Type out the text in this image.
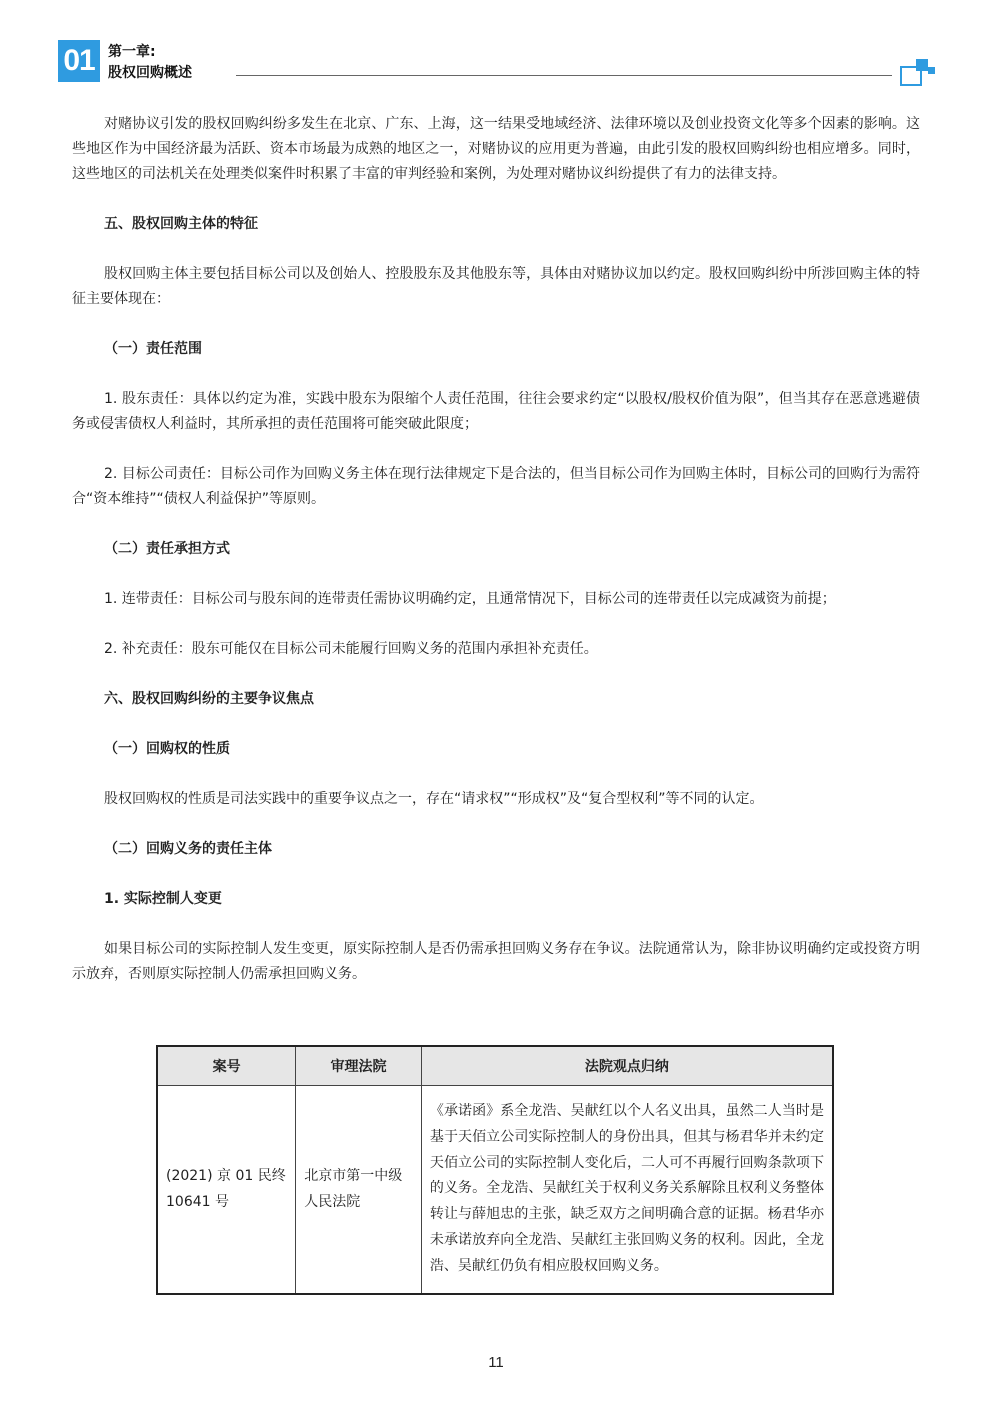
01 第一章:
股权回购概述
对赌协议引发的股权回购纠纷多发生在北京、广东、上海，这一结果受地域经济、法律环境以及创业投资文化等多个因素的影响。这些地区作为中国经济最为活跃、资本市场最为成熟的地区之一，对赌协议的应用更为普遍，由此引发的股权回购纠纷也相应增多。同时，这些地区的司法机关在处理类似案件时积累了丰富的审判经验和案例，为处理对赌协议纠纷提供了有力的法律支持。
五、股权回购主体的特征
股权回购主体主要包括目标公司以及创始人、控股股东及其他股东等，具体由对赌协议加以约定。股权回购纠纷中所涉回购主体的特征主要体现在：
（一）责任范围
1. 股东责任：具体以约定为准，实践中股东为限缩个人责任范围，往往会要求约定“以股权/股权价值为限”，但当其存在恶意逃避债务或侵害债权人利益时，其所承担的责任范围将可能突破此限度；
2. 目标公司责任：目标公司作为回购义务主体在现行法律规定下是合法的，但当目标公司作为回购主体时，目标公司的回购行为需符合“资本维持”“债权人利益保护”等原则。
（二）责任承担方式
1. 连带责任：目标公司与股东间的连带责任需协议明确约定，且通常情况下，目标公司的连带责任以完成减资为前提；
2. 补充责任：股东可能仅在目标公司未能履行回购义务的范围内承担补充责任。
六、股权回购纠纷的主要争议焦点
（一）回购权的性质
股权回购权的性质是司法实践中的重要争议点之一，存在“请求权”“形成权”及“复合型权利”等不同的认定。
（二）回购义务的责任主体
1. 实际控制人变更
如果目标公司的实际控制人发生变更，原实际控制人是否仍需承担回购义务存在争议。法院通常认为，除非协议明确约定或投资方明示放弃，否则原实际控制人仍需承担回购义务。
案号	审理法院	法院观点归纳
(2021) 京 01 民终 10641 号	北京市第一中级人民法院	《承诺函》系全龙浩、吴献红以个人名义出具，虽然二人当时是基于天佰立公司实际控制人的身份出具，但其与杨君华并未约定天佰立公司的实际控制人变化后，二人可不再履行回购条款项下的义务。全龙浩、吴献红关于权利义务关系解除且权利义务整体转让与薛旭忠的主张，缺乏双方之间明确合意的证据。杨君华亦未承诺放弃向全龙浩、吴献红主张回购义务的权利。因此，全龙浩、吴献红仍负有相应股权回购义务。
11
